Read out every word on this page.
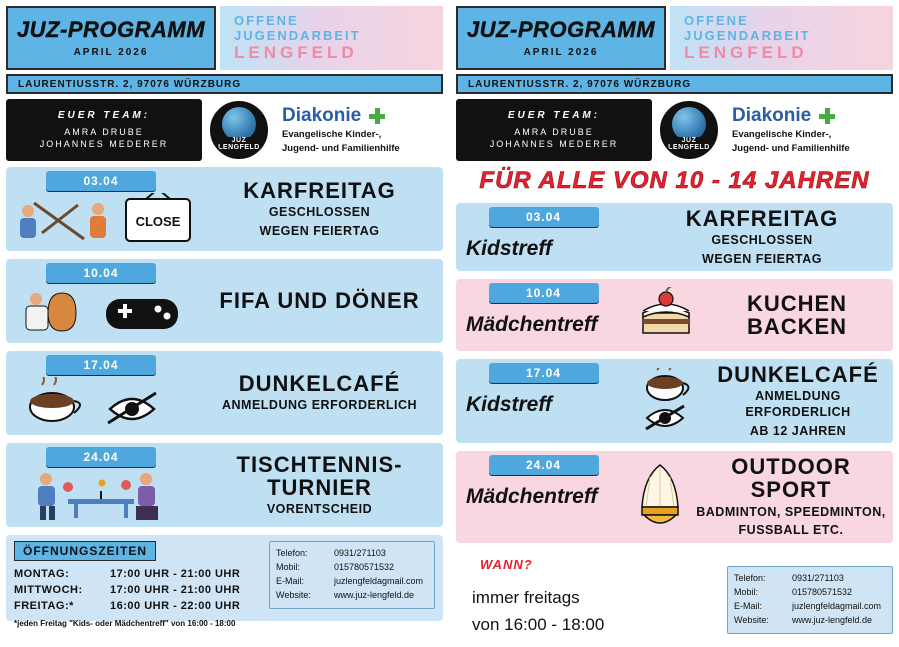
JUZ-PROGRAMM
APRIL 2026
OFFENE
JUGENDARBEIT
LENGFELD
LAURENTIUSSTR. 2, 97076 WÜRZBURG
EUER TEAM:
AMRA DRUBE
JOHANNES MEDERER	JUZ LENGFELD
Diakonie
Evangelische Kinder-,
Jugend- und Familienhilfe
03.04
CLOSE
KARFREITAG
GESCHLOSSEN
WEGEN FEIERTAG
10.04
FIFA UND DÖNER
17.04
DUNKELCAFÉ
ANMELDUNG ERFORDERLICH
24.04	TISCHTENNIS-
TURNIER
VORENTSCHEID
ÖFFNUNGSZEITEN
MONTAG:	17:00 UHR - 21:00 UHR
MITTWOCH: 17:00 UHR - 21:00 UHR
FREITAG:*	16:00 UHR - 22:00 UHR
*jeden Freitag "Kids- oder Mädchentreff" von 16:00 - 18:00
Telefon:	0931/271103
Mobil:	015780571532
E-Mail:	juzlengfeldagmail.com
Website:	www.juz-lengfeld.de
JUZ-PROGRAMM
APRIL 2026
OFFENE
JUGENDARBEIT
LENGFELD
LAURENTIUSSTR. 2, 97076 WÜRZBURG
EUER TEAM:
AMRA DRUBE
JOHANNES MEDERER	JUZ LENGFELD
Diakonie
Evangelische Kinder-,
Jugend- und Familienhilfe
FÜR ALLE VON 10 - 14 JAHREN
03.04
Kidstreff
KARFREITAG
GESCHLOSSEN
WEGEN FEIERTAG
10.04
Mädchentreff
KUCHEN BACKEN
17.04
Kidstreff
DUNKELCAFÉ
ANMELDUNG ERFORDERLICH
AB 12 JAHREN
24.04
Mädchentreff
OUTDOOR SPORT
BADMINTON, SPEEDMINTON,
FUSSBALL ETC.
WANN?
immer freitags
von 16:00 - 18:00
Telefon:	0931/271103
Mobil:	015780571532
E-Mail:	juzlengfeldagmail.com
Website:	www.juz-lengfeld.de
